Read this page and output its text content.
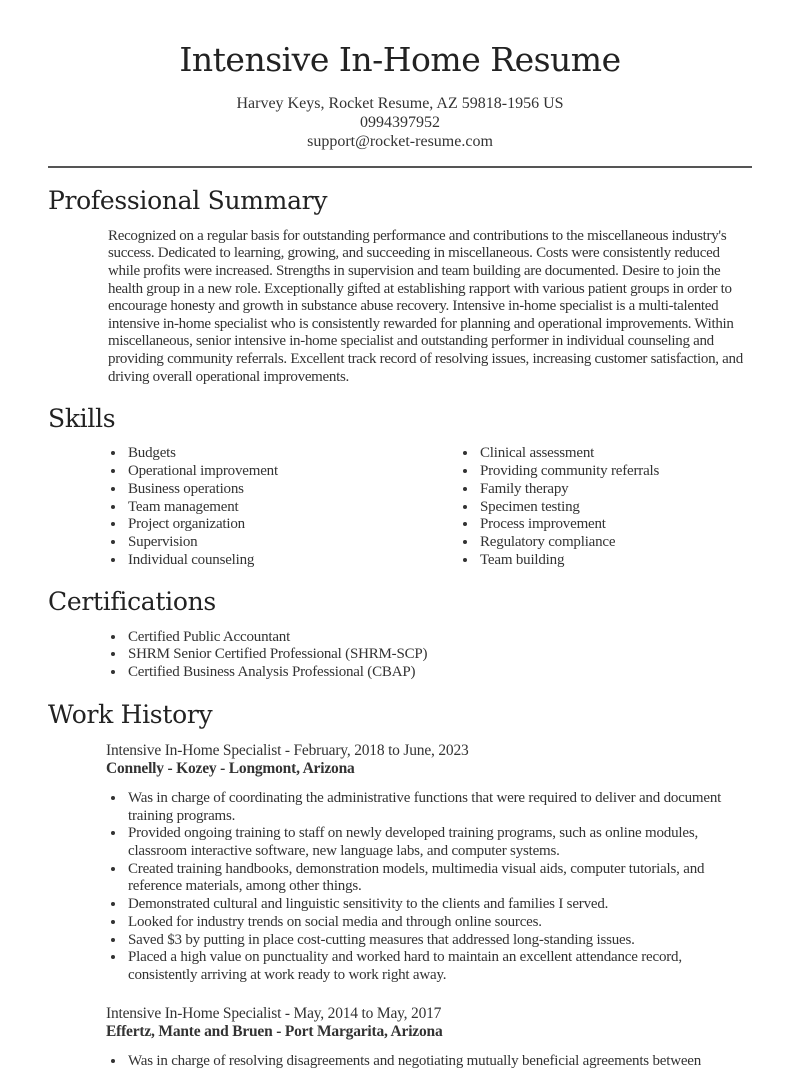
Intensive In-Home Resume
Harvey Keys, Rocket Resume, AZ 59818-1956 US
0994397952
support@rocket-resume.com
Professional Summary

Recognized on a regular basis for outstanding performance and contributions to the miscellaneous industry's success. Dedicated to learning, growing, and succeeding in miscellaneous. Costs were consistently reduced while profits were increased. Strengths in supervision and team building are documented. Desire to join the health group in a new role. Exceptionally gifted at establishing rapport with various patient groups in order to encourage honesty and growth in substance abuse recovery. Intensive in-home specialist is a multi-talented intensive in-home specialist who is consistently rewarded for planning and operational improvements. Within miscellaneous, senior intensive in-home specialist and outstanding performer in individual counseling and providing community referrals. Excellent track record of resolving issues, increasing customer satisfaction, and driving overall operational improvements.

Skills
• Budgets
• Operational improvement
• Business operations
• Team management
• Project organization
• Supervision
• Individual counseling
• Clinical assessment
• Providing community referrals
• Family therapy
• Specimen testing
• Process improvement
• Regulatory compliance
• Team building
Certifications
• Certified Public Accountant
• SHRM Senior Certified Professional (SHRM-SCP)
• Certified Business Analysis Professional (CBAP)
Work History
Intensive In-Home Specialist - February, 2018 to June, 2023
Connelly - Kozey - Longmont, Arizona
• Was in charge of coordinating the administrative functions that were required to deliver and document training programs.
• Provided ongoing training to staff on newly developed training programs, such as online modules, classroom interactive software, new language labs, and computer systems.
• Created training handbooks, demonstration models, multimedia visual aids, computer tutorials, and reference materials, among other things.
• Demonstrated cultural and linguistic sensitivity to the clients and families I served.
• Looked for industry trends on social media and through online sources.
• Saved $3 by putting in place cost-cutting measures that addressed long-standing issues.
• Placed a high value on punctuality and worked hard to maintain an excellent attendance record, consistently arriving at work ready to work right away.
Intensive In-Home Specialist - May, 2014 to May, 2017
Effertz, Mante and Bruen - Port Margarita, Arizona
• Was in charge of resolving disagreements and negotiating mutually beneficial agreements between
